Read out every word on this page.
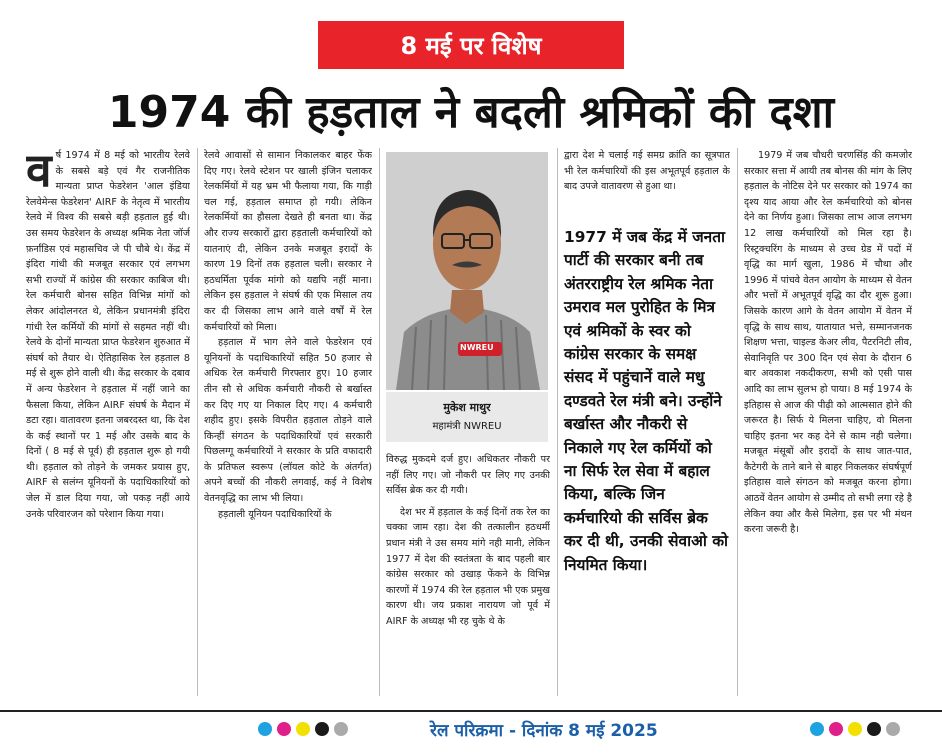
8 मई पर विशेष
1974 की हड़ताल ने बदली श्रमिकों की दशा
व र्ष 1974 में 8 मई को भारतीय रेलवे के सबसे बड़े एवं गैर राजनीतिक मान्यता प्राप्त फेडरेशन 'आल इंडिया रेलवेमेन्स फेडरेशन' AIRF के नेतृत्व में भारतीय रेलवे में विश्व की सबसे बड़ी हड़ताल हुई थी। उस समय फेडरेशन के अध्यक्ष श्रमिक नेता जॉर्ज फ़र्नांडिस एवं महासचिव जे पी चौबे थे। केंद्र में इंदिरा गांधी की मजबूत सरकार एवं लगभग सभी राज्यों में कांग्रेस की सरकार काबिज थी। रेल कर्मचारी बोनस सहित विभिन्न मांगों को लेकर आंदोलनरत थे, लेकिन प्रधानमंत्री इंदिरा गांधी रेल कर्मियों की मांगों से सहमत नहीं थी। रेलवे के दोनों मान्यता प्राप्त फेडरेशन शुरुआत में संघर्ष को तैयार थे। ऐतिहासिक रेल हड़ताल 8 मई से शुरू होने वाली थी। केंद्र सरकार के दबाव में अन्य फेडरेशन ने हड़ताल में नहीं जाने का फैसला किया, लेकिन AIRF संघर्ष के मैदान में डटा रहा। वातावरण इतना जबरदस्त था, कि देश के कई स्थानों पर 1 मई और उसके बाद के दिनों ( 8 मई से पूर्व) ही हड़ताल शुरू हो गयी थी। हड़ताल को तोड़ने के जमकर प्रयास हुए, AIRF से सलंग्न यूनियनों के पदाधिकारियों को जेल में डाल दिया गया, जो पकड़ नहीं आये उनके परिवारजन को परेशान किया गया।

रेलवे आवासों से सामान निकालकर बाहर फेंक दिए गए। रेलवे स्टेशन पर खाली इंजिन चलाकर रेलकर्मियों में यह भ्रम भी फैलाया गया, कि गाड़ी चल गई, हड़ताल समाप्त हो गयी। लेकिन रेलकर्मियों का हौसला देखते ही बनता था। केंद्र और राज्य सरकारों द्वारा हड़ताली कर्मचारियों को यातनाएं दी, लेकिन उनके मजबूत इरादों के कारण 19 दिनों तक हड़ताल चली। सरकार ने हठधर्मिता पूर्वक मांगो को यद्यपि नहीं माना। लेकिन इस हड़ताल ने संघर्ष की एक मिसाल तय कर दी जिसका लाभ आने वाले वर्षों में रेल कर्मचारियों को मिला।

हड़ताल में भाग लेने वाले फेडरेशन एवं यूनियनों के पदाधिकारियों सहित 50 हजार से अधिक रेल कर्मचारी गिरफ्तार हुए। 10 हजार तीन सौ से अधिक कर्मचारी नौकरी से बर्खास्त कर दिए गए या निकाल दिए गए। 4 कर्मचारी शहीद हुए। इसके विपरीत हड़ताल तोड़ने वाले किन्हीं संगठन के पदाधिकारियों एवं सरकारी पिछलग्गू कर्मचारियों ने सरकार के प्रति वफादारी के प्रतिफल स्वरूप (लॉयल कोटे के अंतर्गत) अपने बच्चों की नौकरी लगवाई, कई ने विशेष वेतनवृद्धि का लाभ भी लिया।

हड़ताली यूनियन पदाधिकारियों के

NWREU
मुकेश माथुर
महामंत्री NWREU

विरुद्ध मुकदमे दर्ज हुए। अधिकतर नौकरी पर नहीं लिए गए। जो नौकरी पर लिए गए उनकी सर्विस ब्रेक कर दी गयी।

देश भर में हड़ताल के कई दिनों तक रेल का चक्का जाम रहा। देश की तत्कालीन हठधर्मी प्रधान मंत्री ने उस समय मांगे नही मानी, लेकिन 1977 में देश की स्वतंत्रता के बाद पहली बार कांग्रेस सरकार को उखाड़ फेंकने के विभिन्न कारणों में 1974 की रेल हड़ताल भी एक प्रमुख कारण थी। जय प्रकाश नारायण जो पूर्व में AIRF के अध्यक्ष भी रह चुके थे के

द्वारा देश मे चलाई गई समग्र क्रांति का सूत्रपात भी रेल कर्मचारियों की इस अभूतपूर्व हड़ताल के बाद उपजे वातावरण से हुआ था।

1977 में जब केंद्र में जनता पार्टी की सरकार बनी तब अंतरराष्ट्रीय रेल श्रमिक नेता उमराव मल पुरोहित के मित्र एवं श्रमिकों के स्वर को कांग्रेस सरकार के समक्ष संसद में पहुंचानें वाले मधु दण्डवते रेल मंत्री बने। उन्होंने बर्खास्त और नौकरी से निकाले गए रेल कर्मियों को ना सिर्फ रेल सेवा में बहाल किया, बल्कि जिन कर्मचारियो की सर्विस ब्रेक कर दी थी, उनकी सेवाओ को नियमित किया।

1979 में जब चौधरी चरणसिंह की कमजोर सरकार सत्ता में आयी तब बोनस की मांग के लिए हड़ताल के नोटिस देने पर सरकार को 1974 का दृश्य याद आया और रेल कर्मचारियो को बोनस देने का निर्णय हुआ। जिसका लाभ आज लगभग 12 लाख कर्मचारियों को मिल रहा है। रिस्ट्रक्चरिंग के माध्यम से उच्च ग्रेड में पदों में वृद्धि का मार्ग खुला, 1986 में चौथा और 1996 में पांचवे वेतन आयोग के माध्यम से वेतन और भत्तों में अभूतपूर्व वृद्धि का दौर शुरू हुआ। जिसके कारण आगे के वेतन आयोग में वेतन में वृद्धि के साथ साथ, यातायात भत्ते, सम्मानजनक शिक्षण भत्ता, चाइल्ड केअर लीव, पैटरनिटी लीव, सेवानिवृति पर 300 दिन एवं सेवा के दौरान 6 बार अवकाश नकदीकरण, सभी को एसी पास आदि का लाभ सुलभ हो पाया। 8 मई 1974 के इतिहास से आज की पीढ़ी को आत्मसात होने की जरूरत है। सिर्फ ये मिलना चाहिए, वो मिलना चाहिए इतना भर कह देने से काम नही चलेगा। मजबूत मंसूबों और इरादों के साथ जात-पात, कैटेगरी के ताने बाने से बाहर निकलकर संघर्षपूर्ण इतिहास वाले संगठन को मजबूत करना होगा। आठवें वेतन आयोग से उम्मीद तो सभी लगा रहे है लेकिन क्या और कैसे मिलेगा, इस पर भी मंथन करना जरूरी है।

रेल परिक्रमा - दिनांक 8 मई 2025
